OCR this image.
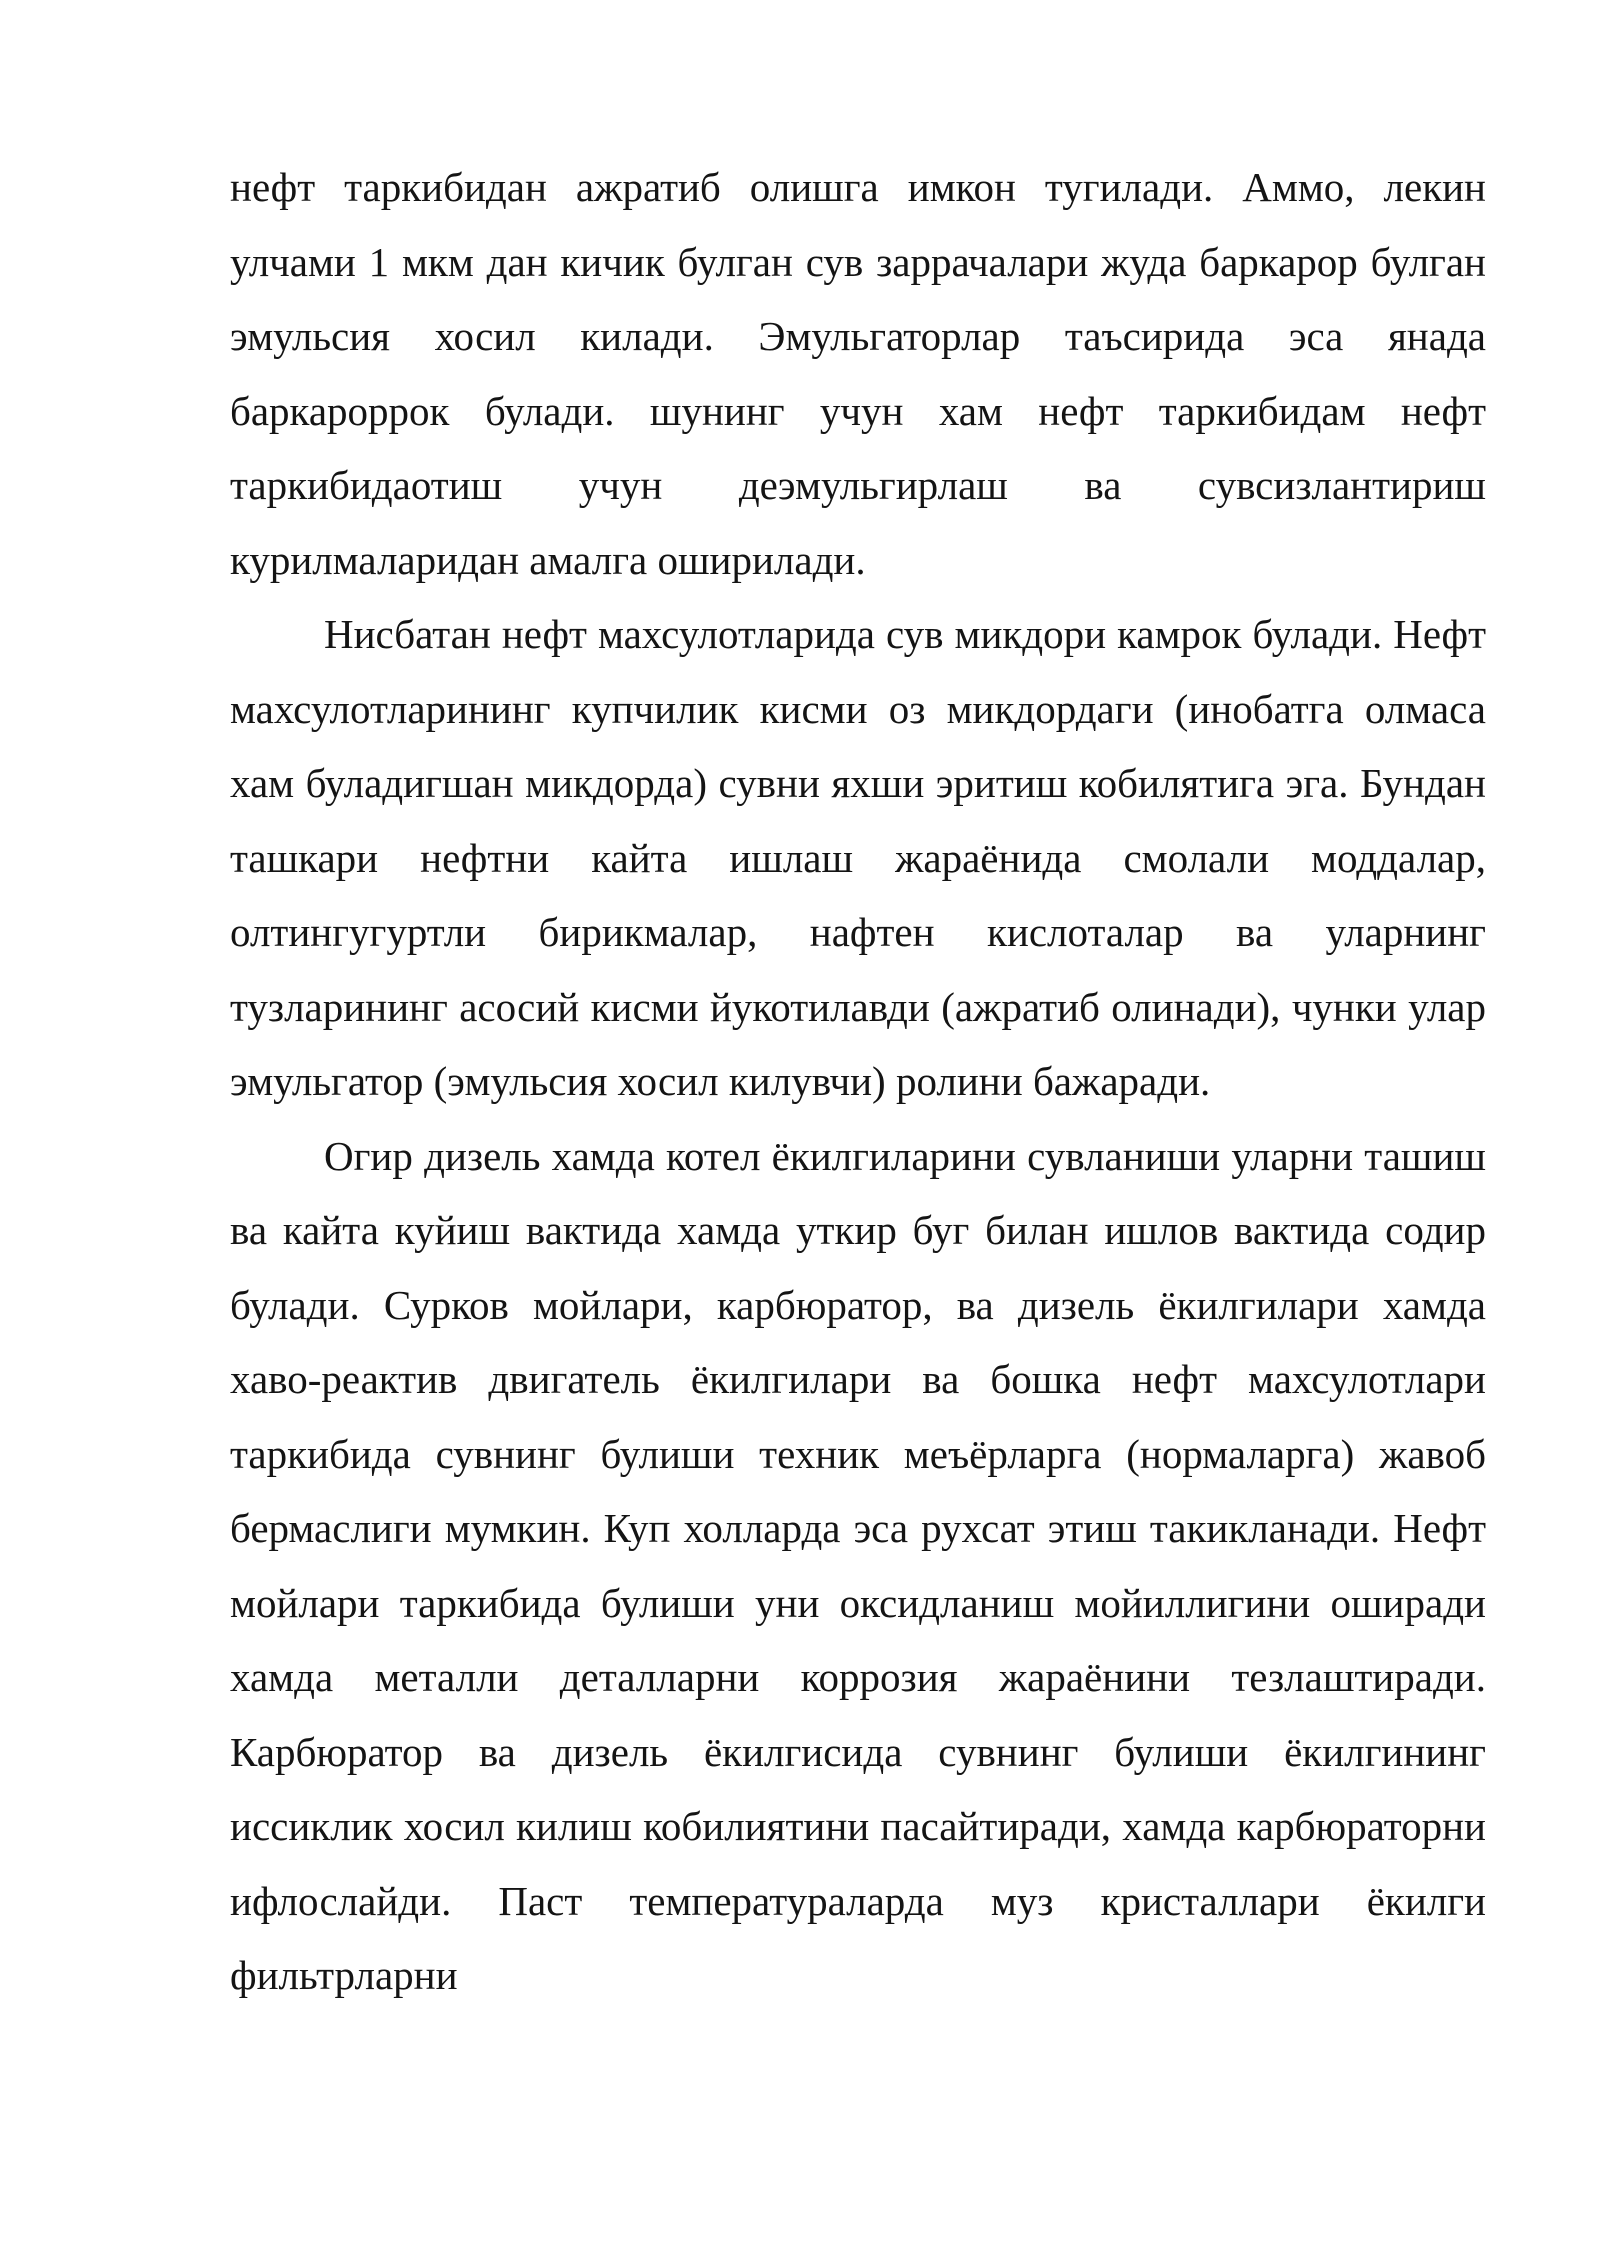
нефт таркибидан ажратиб олишга имкон тугилади. Аммо, лекин улчами 1 мкм дан кичик булган сув заррачалари жуда баркарор булган эмульсия хосил килади. Эмульгаторлар таъсирида эса янада баркароррок булади. шунинг учун хам нефт таркибидам нефт таркибидаотиш учун деэмульгирлаш ва сувсизлантириш курилмаларидан амалга оширилади.

Нисбатан нефт махсулотларида сув микдори камрок булади. Нефт махсулотларининг купчилик кисми оз микдордаги (инобатга олмаса хам буладигшан микдорда) сувни яхши эритиш кобилятига эга. Бундан ташкари нефтни кайта ишлаш жараёнида смолали моддалар, олтингугуртли бирикмалар, нафтен кислоталар ва уларнинг тузларининг асосий кисми йукотилавди (ажратиб олинади), чунки улар эмульгатор (эмульсия хосил килувчи) ролини бажаради.

Огир дизель хамда котел ёкилгиларини сувланиши уларни ташиш ва кайта куйиш вактида хамда уткир буг билан ишлов вактида содир булади. Сурков мойлари, карбюратор, ва дизель ёкилгилари хамда хаво-реактив двигатель ёкилгилари ва бошка нефт махсулотлари таркибида сувнинг булиши техник меъёрларга (нормаларга) жавоб бермаслиги мумкин. Куп холларда эса рухсат этиш такикланади. Нефт мойлари таркибида булиши уни оксидланиш мойиллигини оширади хамда металли деталларни коррозия жараёнини тезлаштиради. Карбюратор ва дизель ёкилгисида сувнинг булиши ёкилгининг иссиклик хосил килиш кобилиятини пасайтиради, хамда карбюраторни ифлослайди. Паст температураларда муз кристаллари ёкилги фильтрларни
